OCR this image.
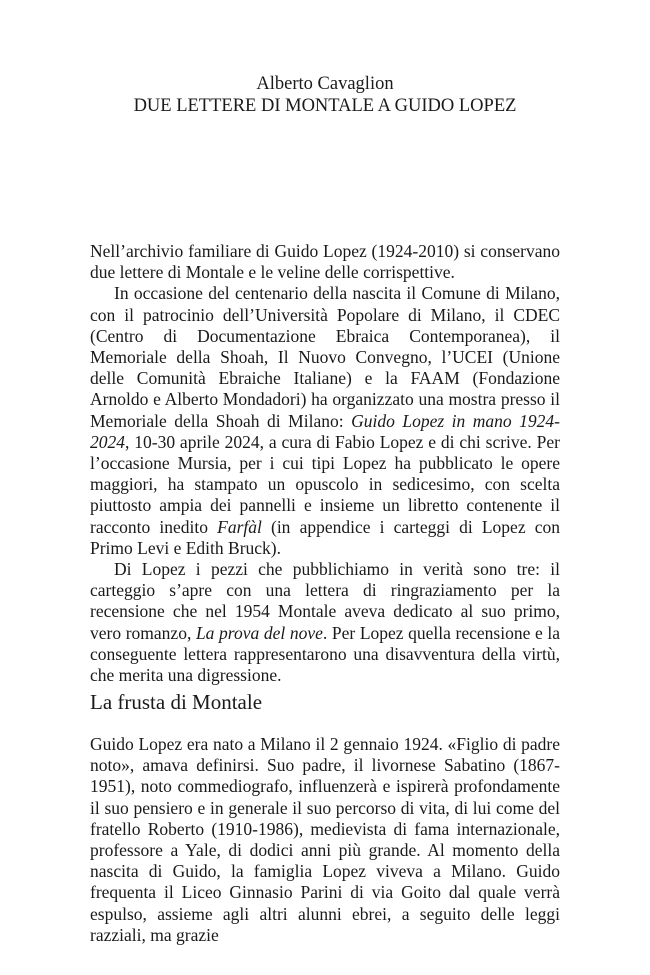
Alberto Cavaglion
DUE LETTERE DI MONTALE A GUIDO LOPEZ

Nell’archivio familiare di Guido Lopez (1924-2010) si conservano due lettere di Montale e le veline delle corrispettive.

In occasione del centenario della nascita il Comune di Milano, con il patrocinio dell’Università Popolare di Milano, il CDEC (Centro di Documentazione Ebraica Contemporanea), il Memoriale della Shoah, Il Nuovo Convegno, l’UCEI (Unione delle Comunità Ebraiche Italiane) e la FAAM (Fondazione Arnoldo e Alberto Mondadori) ha organizzato una mostra presso il Memoriale della Shoah di Milano: Guido Lopez in mano 1924-2024, 10-30 aprile 2024, a cura di Fabio Lopez e di chi scrive. Per l’occasione Mursia, per i cui tipi Lopez ha pubblicato le opere maggiori, ha stampato un opuscolo in sedicesimo, con scelta piuttosto ampia dei pannelli e insieme un libretto contenente il racconto inedito Farfàl (in appendice i carteggi di Lopez con Primo Levi e Edith Bruck).

Di Lopez i pezzi che pubblichiamo in verità sono tre: il carteggio s’apre con una lettera di ringraziamento per la recensione che nel 1954 Montale aveva dedicato al suo primo, vero romanzo, La prova del nove. Per Lopez quella recensione e la conseguente lettera rappresentarono una disavventura della virtù, che merita una digressione.

La frusta di Montale

Guido Lopez era nato a Milano il 2 gennaio 1924. «Figlio di padre noto», amava definirsi. Suo padre, il livornese Sabatino (1867-1951), noto commediografo, influenzerà e ispirerà profondamente il suo pensiero e in generale il suo percorso di vita, di lui come del fratello Roberto (1910-1986), medievista di fama internazionale, professore a Yale, di dodici anni più grande. Al momento della nascita di Guido, la famiglia Lopez viveva a Milano. Guido frequenta il Liceo Ginnasio Parini di via Goito dal quale verrà espulso, assieme agli altri alunni ebrei, a seguito delle leggi razziali, ma grazie
